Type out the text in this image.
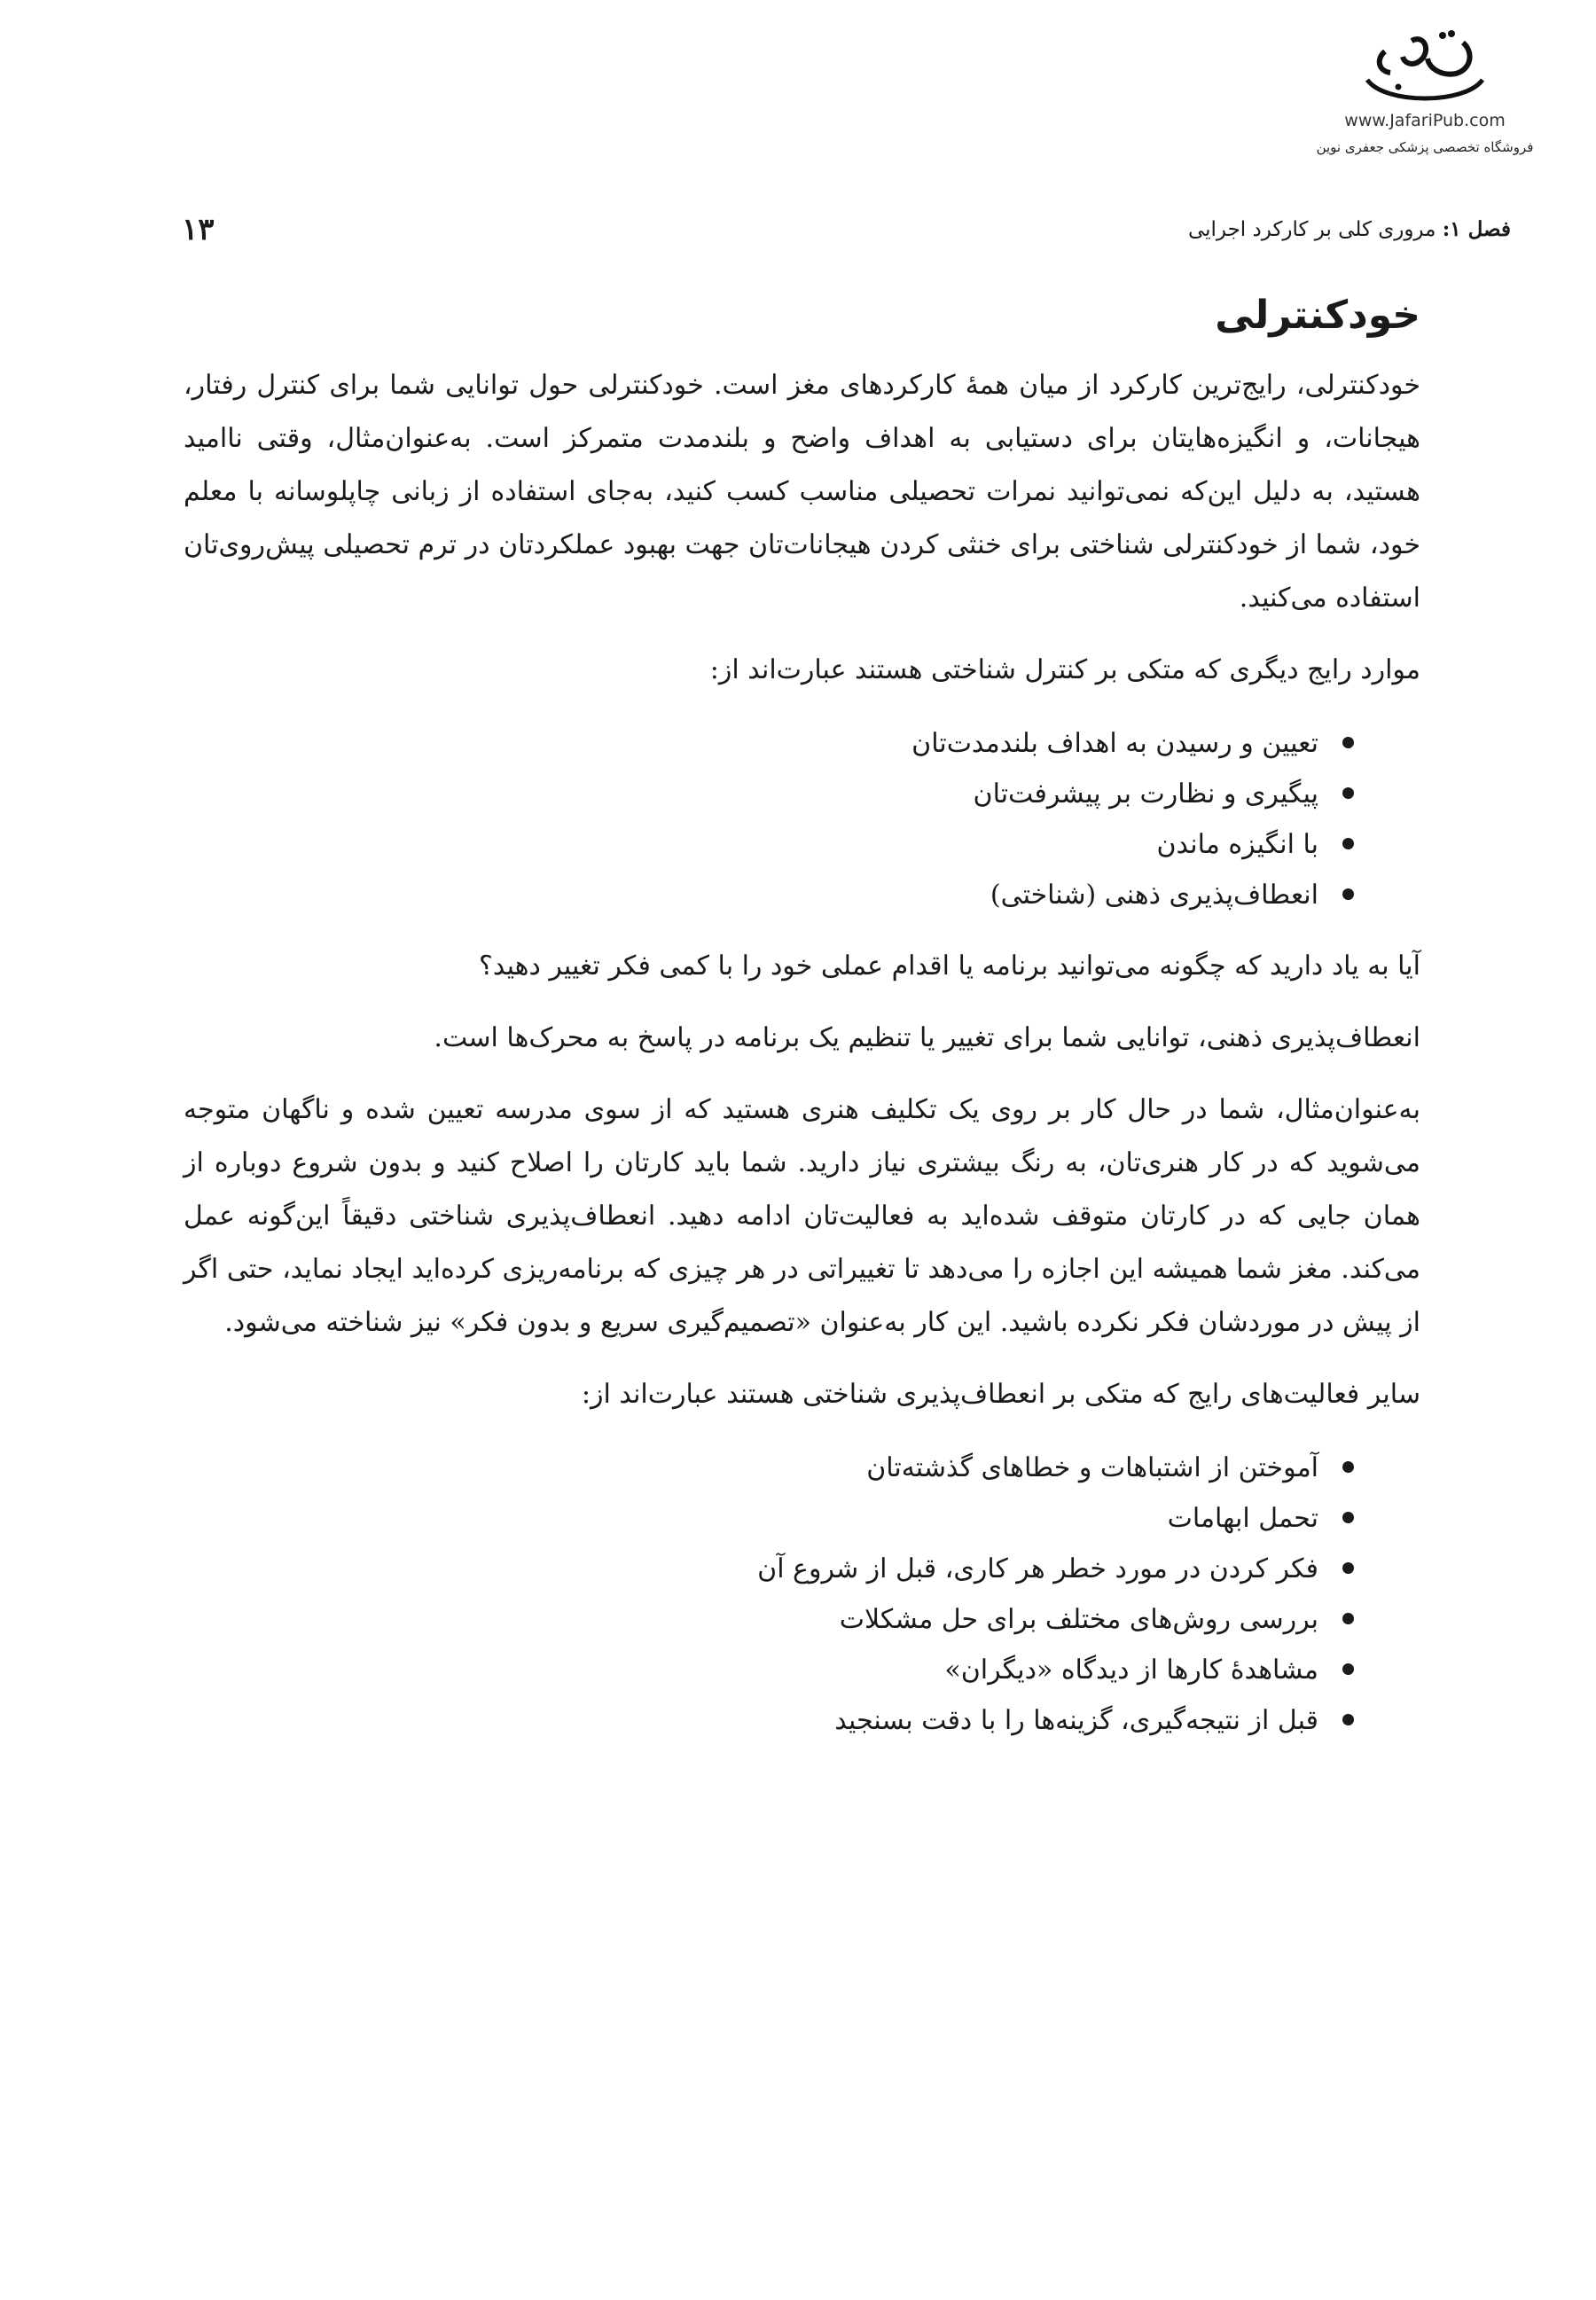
www.JafariPub.com
فروشگاه تخصصی پزشکی جعفری نوین
فصل ۱: مروری کلی بر کارکرد اجرایی
۱۳
خودکنترلی

خودکنترلی، رایج‌ترین کارکرد از میان همهٔ کارکردهای مغز است. خودکنترلی حول توانایی شما برای کنترل رفتار، هیجانات، و انگیزه‌هایتان برای دستیابی به اهداف واضح و بلندمدت متمرکز است. به‌عنوان‌مثال، وقتی ناامید هستید، به دلیل این‌که نمی‌توانید نمرات تحصیلی مناسب کسب کنید، به‌جای استفاده از زبانی چاپلوسانه با معلم خود، شما از خودکنترلی شناختی برای خنثی کردن هیجانات‌تان جهت بهبود عملکردتان در ترم تحصیلی پیش‌روی‌تان استفاده می‌کنید.

موارد رایج دیگری که متکی بر کنترل شناختی هستند عبارت‌اند از:

تعیین و رسیدن به اهداف بلندمدت‌تان
پیگیری و نظارت بر پیشرفت‌تان
با انگیزه ماندن
انعطاف‌پذیری ذهنی (شناختی)

آیا به یاد دارید که چگونه می‌توانید برنامه یا اقدام عملی خود را با کمی فکر تغییر دهید؟

انعطاف‌پذیری ذهنی، توانایی شما برای تغییر یا تنظیم یک برنامه در پاسخ به محرک‌ها است.

به‌عنوان‌مثال، شما در حال کار بر روی یک تکلیف هنری هستید که از سوی مدرسه تعیین شده و ناگهان متوجه می‌شوید که در کار هنری‌تان، به رنگ بیشتری نیاز دارید. شما باید کارتان را اصلاح کنید و بدون شروع دوباره از همان جایی که در کارتان متوقف شده‌اید به فعالیت‌تان ادامه دهید. انعطاف‌پذیری شناختی دقیقاً این‌گونه عمل می‌کند. مغز شما همیشه این اجازه را می‌دهد تا تغییراتی در هر چیزی که برنامه‌ریزی کرده‌اید ایجاد نماید، حتی اگر از پیش در موردشان فکر نکرده باشید. این کار به‌عنوان «تصمیم‌گیری سریع و بدون فکر» نیز شناخته می‌شود.

سایر فعالیت‌های رایج که متکی بر انعطاف‌پذیری شناختی هستند عبارت‌اند از:

آموختن از اشتباهات و خطاهای گذشته‌تان
تحمل ابهامات
فکر کردن در مورد خطر هر کاری، قبل از شروع آن
بررسی روش‌های مختلف برای حل مشکلات
مشاهدهٔ کارها از دیدگاه «دیگران»
قبل از نتیجه‌گیری، گزینه‌ها را با دقت بسنجید
